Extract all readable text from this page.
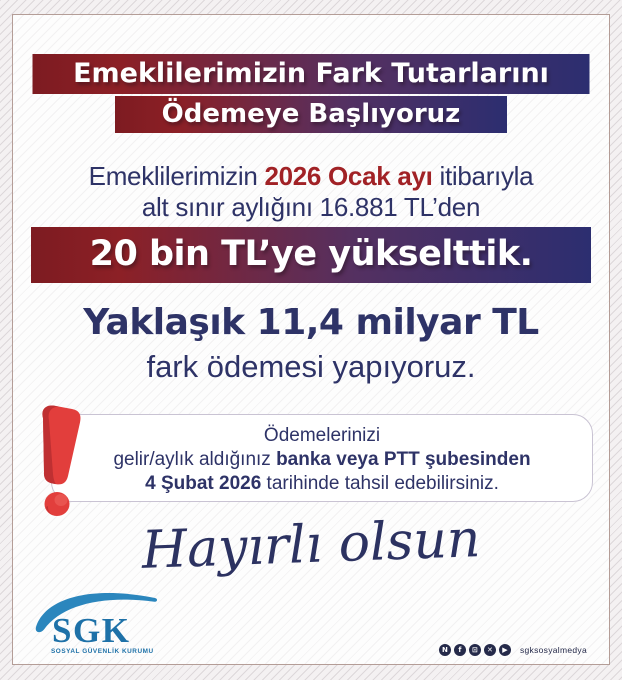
Emeklilerimizin Fark Tutarlarını
Ödemeye Başlıyoruz
Emeklilerimizin 2026 Ocak ayı itibarıyla
alt sınır aylığını 16.881 TL’den
20 bin TL’ye yükselttik.
Yaklaşık 11,4 milyar TL
fark ödemesi yapıyoruz.
Ödemelerinizi
gelir/aylık aldığınız banka veya PTT şubesinden
4 Şubat 2026 tarihinde tahsil edebilirsiniz.
Hayırlı olsun
SGK
SOSYAL GÜVENLİK KURUMU	N	f	⊡	✕	▶	sgksosyalmedya
